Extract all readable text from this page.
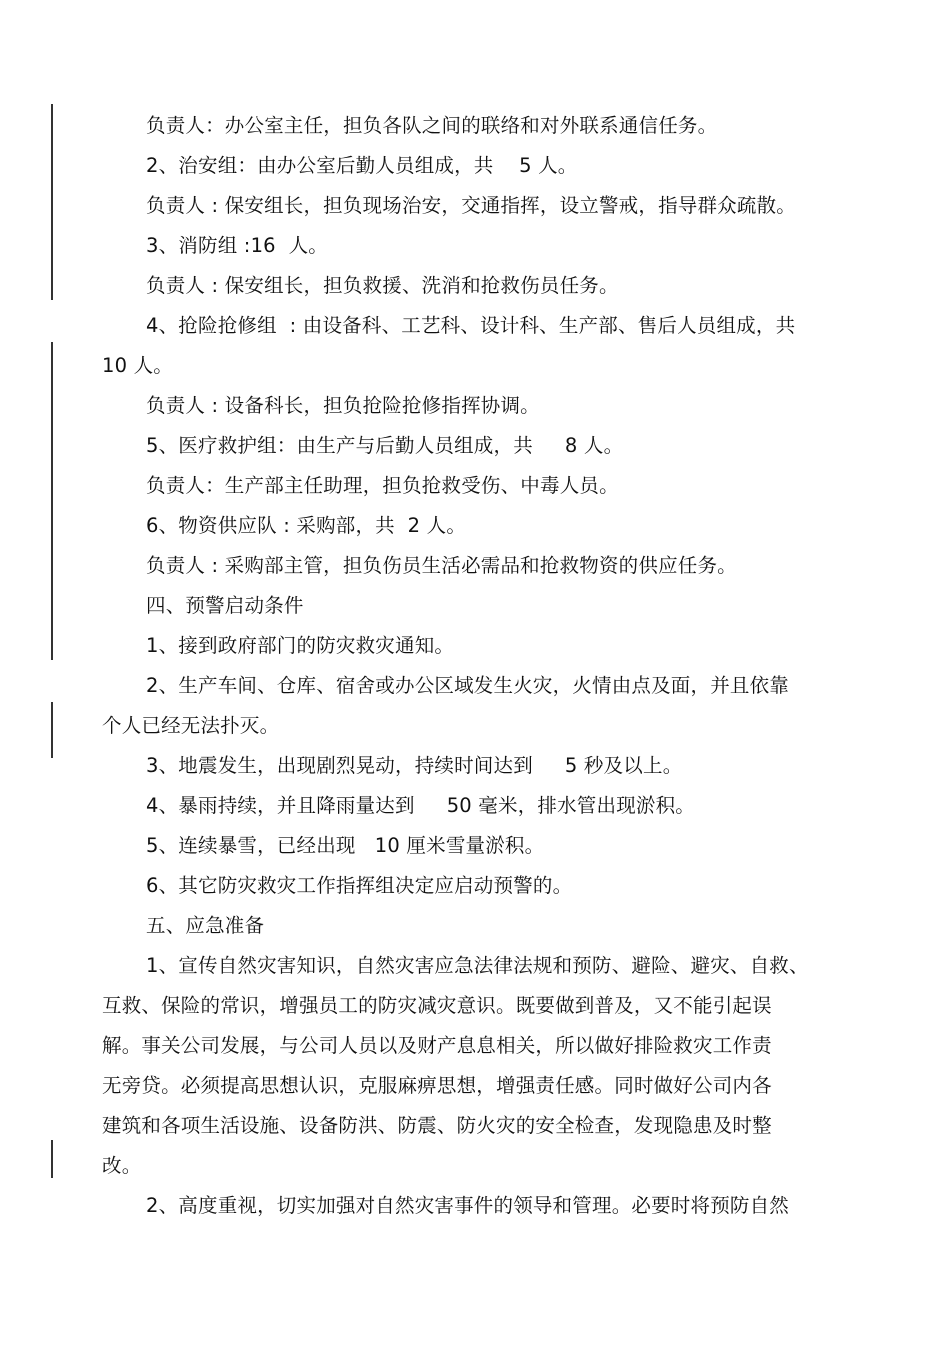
负责人：办公室主任，担负各队之间的联络和对外联系通信任务。
2、治安组：由办公室后勤人员组成，共    5 人。
负责人 : 保安组长，担负现场治安，交通指挥，设立警戒，指导群众疏散。
3、消防组 :16  人。
负责人 : 保安组长，担负救援、洗消和抢救伤员任务。
4、抢险抢修组  : 由设备科、工艺科、设计科、生产部、售后人员组成，共
10 人。
负责人 : 设备科长，担负抢险抢修指挥协调。
5、医疗救护组：由生产与后勤人员组成，共     8 人。
负责人：生产部主任助理，担负抢救受伤、中毒人员。
6、物资供应队 : 采购部，共  2 人。
负责人 : 采购部主管，担负伤员生活必需品和抢救物资的供应任务。
四、预警启动条件
1、接到政府部门的防灾救灾通知。
2、生产车间、仓库、宿舍或办公区域发生火灾，火情由点及面，并且依靠
个人已经无法扑灭。
3、地震发生，出现剧烈晃动，持续时间达到     5 秒及以上。
4、暴雨持续，并且降雨量达到     50 毫米，排水管出现淤积。
5、连续暴雪，已经出现   10 厘米雪量淤积。
6、其它防灾救灾工作指挥组决定应启动预警的。
五、应急准备
1、宣传自然灾害知识，自然灾害应急法律法规和预防、避险、避灾、自救、
互救、保险的常识，增强员工的防灾减灾意识。既要做到普及，又不能引起误
解。事关公司发展，与公司人员以及财产息息相关，所以做好排险救灾工作责
无旁贷。必须提高思想认识，克服麻痹思想，增强责任感。同时做好公司内各
建筑和各项生活设施、设备防洪、防震、防火灾的安全检查，发现隐患及时整
改。
2、高度重视，切实加强对自然灾害事件的领导和管理。必要时将预防自然
